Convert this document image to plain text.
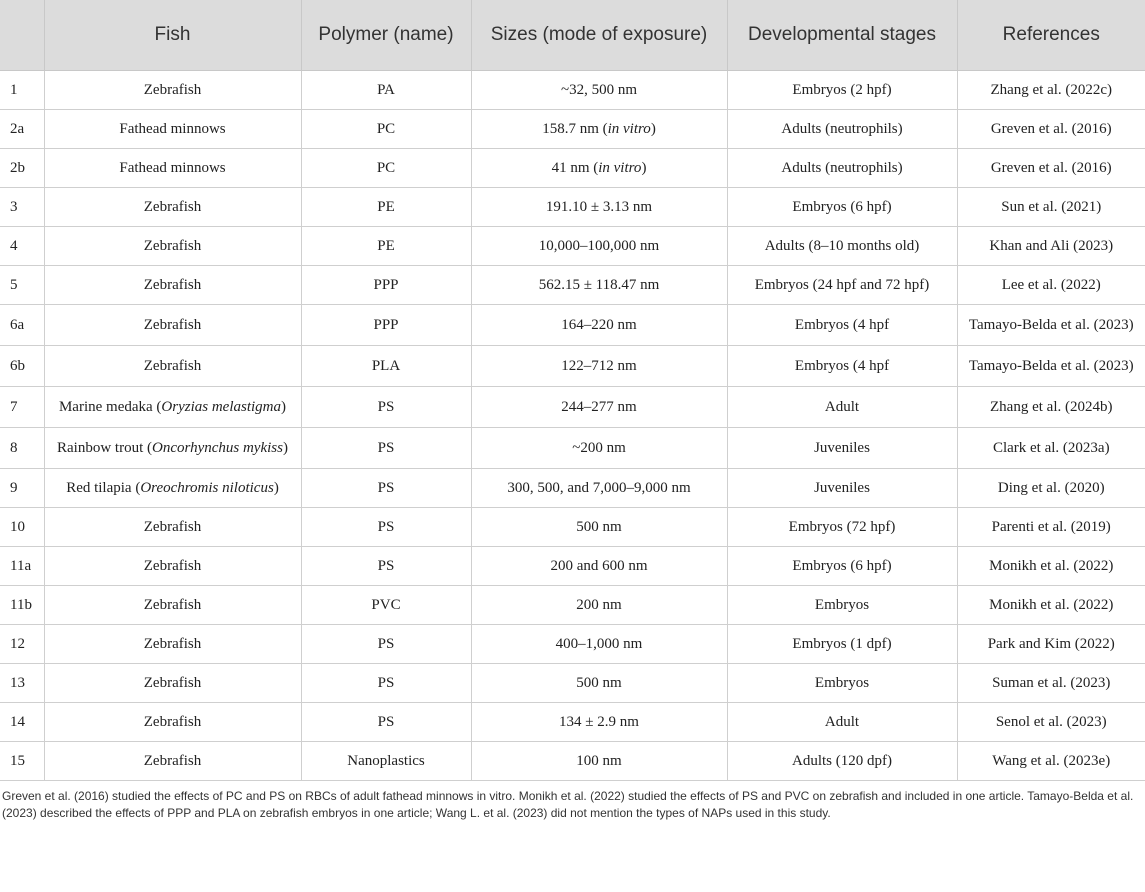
	Fish	Polymer (name)	Sizes (mode of exposure)	Developmental stages	References
1	Zebrafish	PA	~32, 500 nm	Embryos (2 hpf)	Zhang et al. (2022c)
2a	Fathead minnows	PC	158.7 nm (in vitro)	Adults (neutrophils)	Greven et al. (2016)
2b	Fathead minnows	PC	41 nm (in vitro)	Adults (neutrophils)	Greven et al. (2016)
3	Zebrafish	PE	191.10 ± 3.13 nm	Embryos (6 hpf)	Sun et al. (2021)
4	Zebrafish	PE	10,000–100,000 nm	Adults (8–10 months old)	Khan and Ali (2023)
5	Zebrafish	PPP	562.15 ± 118.47 nm	Embryos (24 hpf and 72 hpf)	Lee et al. (2022)
6a	Zebrafish	PPP	164–220 nm	Embryos (4 hpf	Tamayo-Belda et al. (2023)
6b	Zebrafish	PLA	122–712 nm	Embryos (4 hpf	Tamayo-Belda et al. (2023)
7	Marine medaka (Oryzias melastigma)	PS	244–277 nm	Adult	Zhang et al. (2024b)
8	Rainbow trout (Oncorhynchus mykiss)	PS	~200 nm	Juveniles	Clark et al. (2023a)
9	Red tilapia (Oreochromis niloticus)	PS	300, 500, and 7,000–9,000 nm	Juveniles	Ding et al. (2020)
10	Zebrafish	PS	500 nm	Embryos (72 hpf)	Parenti et al. (2019)
11a	Zebrafish	PS	200 and 600 nm	Embryos (6 hpf)	Monikh et al. (2022)
11b	Zebrafish	PVC	200 nm	Embryos	Monikh et al. (2022)
12	Zebrafish	PS	400–1,000 nm	Embryos (1 dpf)	Park and Kim (2022)
13	Zebrafish	PS	500 nm	Embryos	Suman et al. (2023)
14	Zebrafish	PS	134 ± 2.9 nm	Adult	Senol et al. (2023)
15	Zebrafish	Nanoplastics	100 nm	Adults (120 dpf)	Wang et al. (2023e)
Greven et al. (2016) studied the effects of PC and PS on RBCs of adult fathead minnows in vitro. Monikh et al. (2022) studied the effects of PS and PVC on zebrafish and included in one article. Tamayo-Belda et al. (2023) described the effects of PPP and PLA on zebrafish embryos in one article; Wang L. et al. (2023) did not mention the types of NAPs used in this study.
